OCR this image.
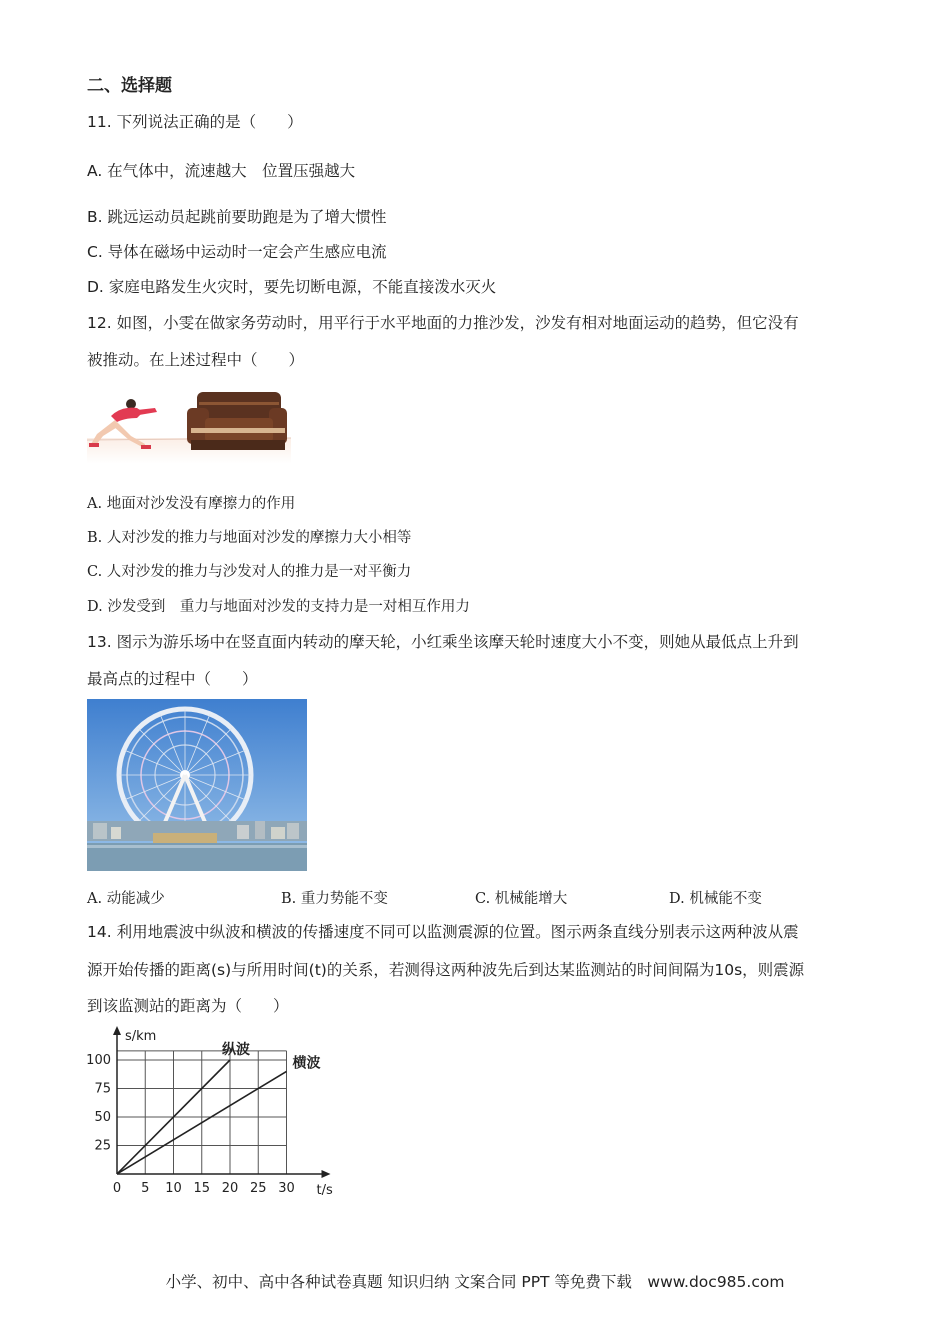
二、选择题
11. 下列说法正确的是（　　）
A. 在气体中，流速越大　位置压强越大
B. 跳远运动员起跳前要助跑是为了增大惯性
C. 导体在磁场中运动时一定会产生感应电流
D. 家庭电路发生火灾时，要先切断电源，不能直接泼水灭火
12. 如图，小雯在做家务劳动时，用平行于水平地面的力推沙发，沙发有相对地面运动的趋势，但它没有
被推动。在上述过程中（　　）
A. 地面对沙发没有摩擦力的作用
B. 人对沙发的推力与地面对沙发的摩擦力大小相等
C. 人对沙发的推力与沙发对人的推力是一对平衡力
D. 沙发受到　重力与地面对沙发的支持力是一对相互作用力
13. 图示为游乐场中在竖直面内转动的摩天轮，小红乘坐该摩天轮时速度大小不变，则她从最低点上升到
最高点的过程中（　　）
A. 动能减少	B. 重力势能不变	C. 机械能增大	D. 机械能不变
14. 利用地震波中纵波和横波的传播速度不同可以监测震源的位置。图示两条直线分别表示这两种波从震
源开始传播的距离(s)与所用时间(t)的关系，若测得这两种波先后到达某监测站的时间间隔为10s，则震源
到该监测站的距离为（　　）
纵波
横波
0 5 10 15 20 25 30
25
50
75
100
t/s
s/km
小学、初中、高中各种试卷真题 知识归纳 文案合同 PPT 等免费下载　www.doc985.com
